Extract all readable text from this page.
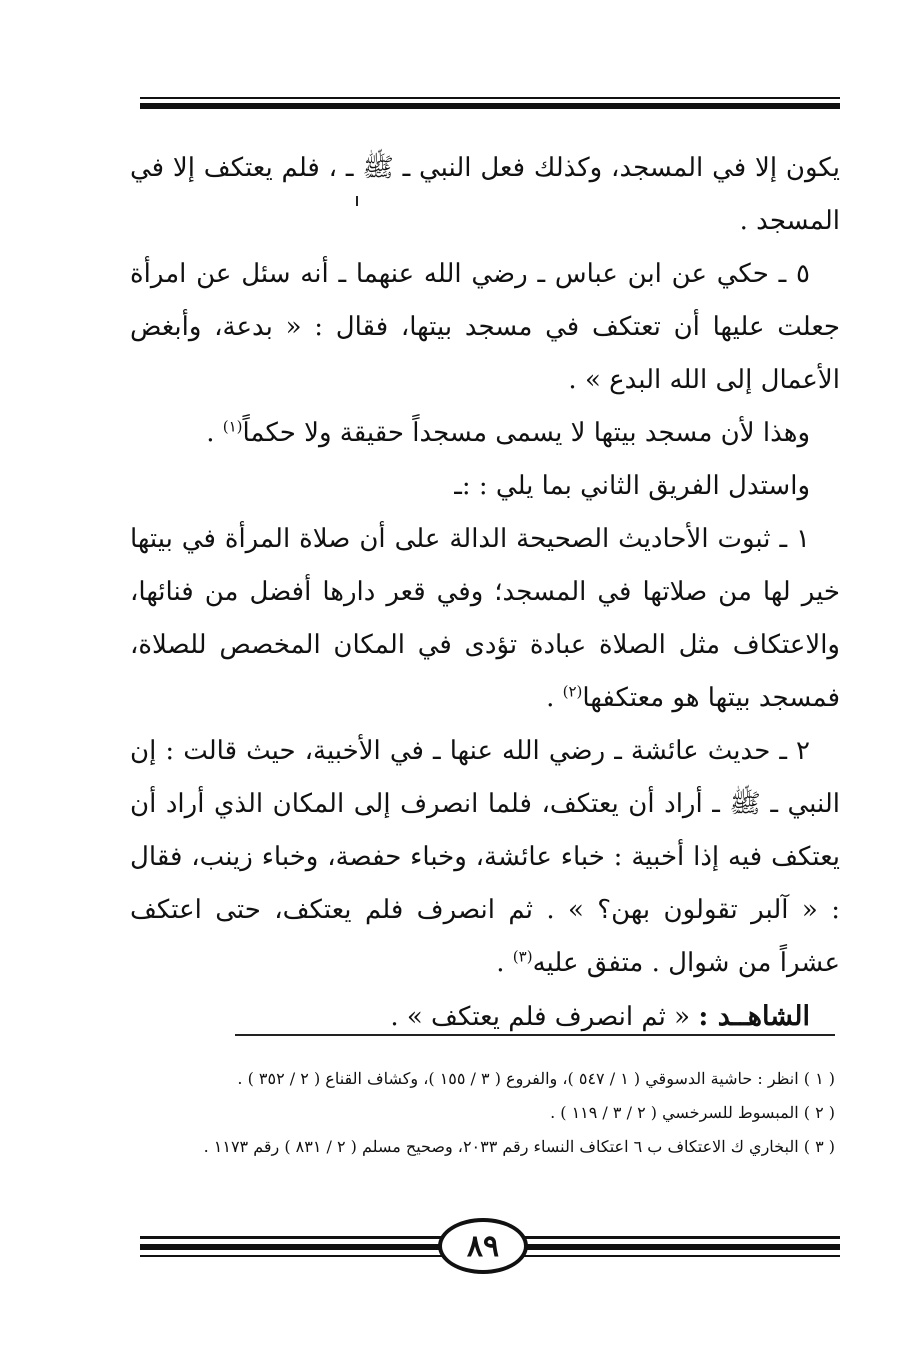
يكون إلا في المسجد، وكذلك فعل النبي ـ ﷺ ـ ، فلم يعتكف إلا في المسجد .

٥ ـ حكي عن ابن عباس ـ رضي الله عنهما ـ أنه سئل عن امرأة جعلت عليها أن تعتكف في مسجد بيتها، فقال : « بدعة، وأبغض الأعمال إلى الله البدع » .

وهذا لأن مسجد بيتها لا يسمى مسجداً حقيقة ولا حكماً$^{(١)}$ .

واستدل الفريق الثاني بما يلي : :ـ

١ ـ ثبوت الأحاديث الصحيحة الدالة على أن صلاة المرأة في بيتها خير لها من صلاتها في المسجد؛ وفي قعر دارها أفضل من فنائها، والاعتكاف مثل الصلاة عبادة تؤدى في المكان المخصص للصلاة، فمسجد بيتها هو معتكفها$^{(٢)}$ .

٢ ـ حديث عائشة ـ رضي الله عنها ـ في الأخبية، حيث قالت : إن النبي ـ ﷺ ـ أراد أن يعتكف، فلما انصرف إلى المكان الذي أراد أن يعتكف فيه إذا أخبية : خباء عائشة، وخباء حفصة، وخباء زينب، فقال : « آلبر تقولون بهن؟ » . ثم انصرف فلم يعتكف، حتى اعتكف عشراً من شوال . متفق عليه$^{(٣)}$ .

الشاهــد : « ثم انصرف فلم يعتكف » .

( ١ ) انظر : حاشية الدسوقي ( ١ / ٥٤٧ )، والفروع ( ٣ / ١٥٥ )، وكشاف القناع ( ٢ / ٣٥٢ ) .

( ٢ ) المبسوط للسرخسي ( ٢ / ٣ / ١١٩ ) .

( ٣ ) البخاري ك الاعتكاف ب ٦ اعتكاف النساء رقم ٢٠٣٣، وصحيح مسلم ( ٢ / ٨٣١ ) رقم ١١٧٣ .

٨٩
